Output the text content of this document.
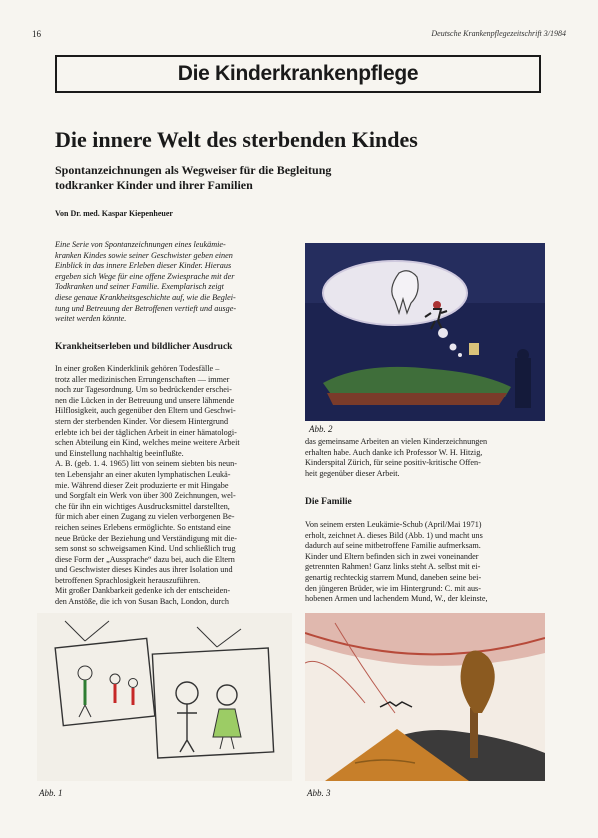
16	Deutsche Krankenpflegezeitschrift 3/1984
Die Kinderkrankenpflege
Die innere Welt des sterbenden Kindes
Spontanzeichnungen als Wegweiser für die Begleitung
todkranker Kinder und ihrer Familien
Von Dr. med. Kaspar Kiepenheuer

Eine Serie von Spontanzeichnungen eines leukämie-

kranken Kindes sowie seiner Geschwister geben einen

Einblick in das innere Erleben dieser Kinder. Hieraus

ergeben sich Wege für eine offene Zwiesprache mit der

Todkranken und seiner Familie. Exemplarisch zeigt

diese genaue Krankheitsgeschichte auf, wie die Beglei-

tung und Betreuung der Betroffenen vertieft und ausge-

weitet werden könnte.

Krankheitserleben und bildlicher Ausdruck

In einer großen Kinderklinik gehören Todesfälle –

trotz aller medizinischen Errungenschaften — immer

noch zur Tagesordnung. Um so bedrückender erschei-

nen die Lücken in der Betreuung und unsere lähmende

Hilflosigkeit, auch gegenüber den Eltern und Geschwi-

stern der sterbenden Kinder. Vor diesem Hintergrund

erlebte ich bei der täglichen Arbeit in einer hämatologi-

schen Abteilung ein Kind, welches meine weitere Arbeit

und Einstellung nachhaltig beeinflußte.

A. B. (geb. 1. 4. 1965) litt von seinem siebten bis neun-

ten Lebensjahr an einer akuten lymphatischen Leukä-

mie. Während dieser Zeit produzierte er mit Hingabe

und Sorgfalt ein Werk von über 300 Zeichnungen, wel-

che für ihn ein wichtiges Ausdrucksmittel darstellten,

für mich aber einen Zugang zu vielen verborgenen Be-

reichen seines Erlebens ermöglichte. So entstand eine

neue Brücke der Beziehung und Verständigung mit die-

sem sonst so schweigsamen Kind. Und schließlich trug

diese Form der „Aussprache“ dazu bei, auch die Eltern

und Geschwister dieses Kindes aus ihrer Isolation und

betroffenen Sprachlosigkeit herauszuführen.

Mit großer Dankbarkeit gedenke ich der entscheiden-

den Anstöße, die ich von Susan Bach, London, durch

Abb. 2

das gemeinsame Arbeiten an vielen Kinderzeichnungen

erhalten habe. Auch danke ich Professor W. H. Hitzig,

Kinderspital Zürich, für seine positiv-kritische Offen-

heit gegenüber dieser Arbeit.

Die Familie

Von seinem ersten Leukämie-Schub (April/Mai 1971)

erholt, zeichnet A. dieses Bild (Abb. 1) und macht uns

dadurch auf seine mitbetroffene Familie aufmerksam.

Kinder und Eltern befinden sich in zwei voneinander

getrennten Rahmen! Ganz links steht A. selbst mit ei-

genartig rechteckig starrem Mund, daneben seine bei-

den jüngeren Brüder, wie im Hintergrund: C. mit aus-

hobenen Armen und lachendem Mund, W., der kleinste,

Abb. 1	Abb. 3
